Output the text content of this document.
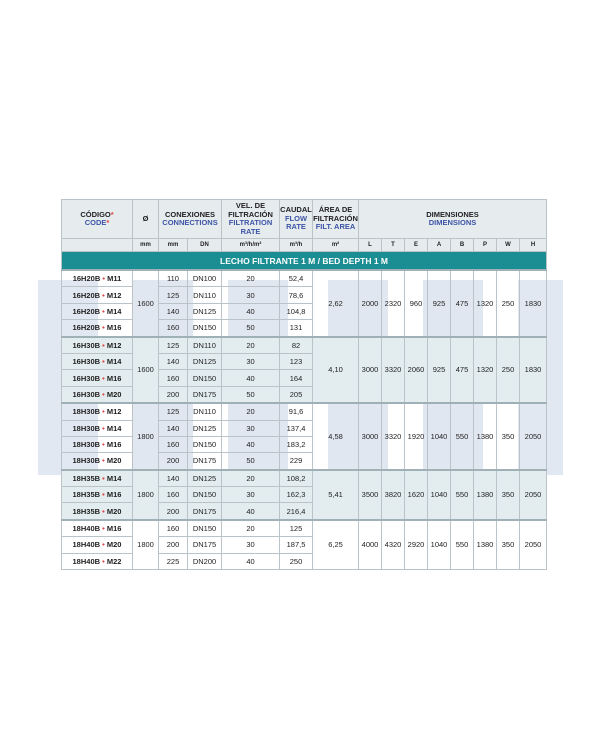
CÓDIGO*
CODE*	Ø	CONEXIONES
CONNECTIONS		VEL. DE FILTRACIÓN
FILTRATION RATE	CAUDAL
FLOW RATE	ÁREA DE FILTRACIÓN
FILT. AREA	DIMENSIONES
DIMENSIONS							

	mm	mm	DN	m³/h/m²	m³/h	m²	L	T	E	A	B	P	W	H
LECHO FILTRANTE 1 M / BED DEPTH 1 M														
16H20B • M11	1600	110	DN100	20	52,4	2,62	2000	2320	960	925	475	1320	250	1830
16H20B • M12		125	DN110	30	78,6									
16H20B • M14		140	DN125	40	104,8									
16H20B • M16		160	DN150	50	131									
16H30B • M12	1600	125	DN110	20	82	4,10	3000	3320	2060	925	475	1320	250	1830
16H30B • M14		140	DN125	30	123									
16H30B • M16		160	DN150	40	164									
16H30B • M20		200	DN175	50	205									
18H30B • M12	1800	125	DN110	20	91,6	4,58	3000	3320	1920	1040	550	1380	350	2050
18H30B • M14		140	DN125	30	137,4									
18H30B • M16		160	DN150	40	183,2									
18H30B • M20		200	DN175	50	229									
18H35B • M14	1800	140	DN125	20	108,2	5,41	3500	3820	1620	1040	550	1380	350	2050
18H35B • M16		160	DN150	30	162,3									
18H35B • M20		200	DN175	40	216,4									
18H40B • M16	1800	160	DN150	20	125	6,25	4000	4320	2920	1040	550	1380	350	2050
18H40B • M20		200	DN175	30	187,5									
18H40B • M22		225	DN200	40	250									
